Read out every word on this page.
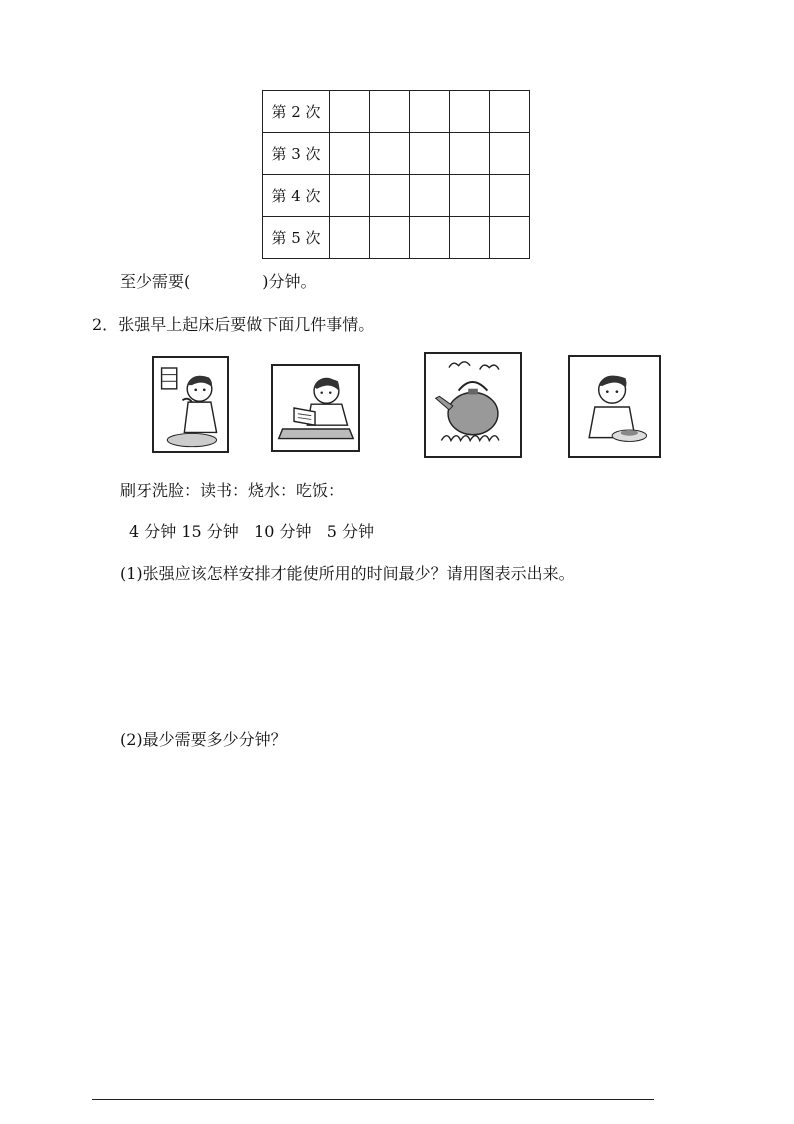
第 2 次					
第 3 次					
第 4 次					
第 5 次					
至少需要(	)分钟。
2．张强早上起床后要做下面几件事情。
刷牙洗脸：读书：烧水：吃饭：
4 分钟 15 分钟   10 分钟   5 分钟
(1)张强应该怎样安排才能使所用的时间最少？请用图表示出来。
(2)最少需要多少分钟？
